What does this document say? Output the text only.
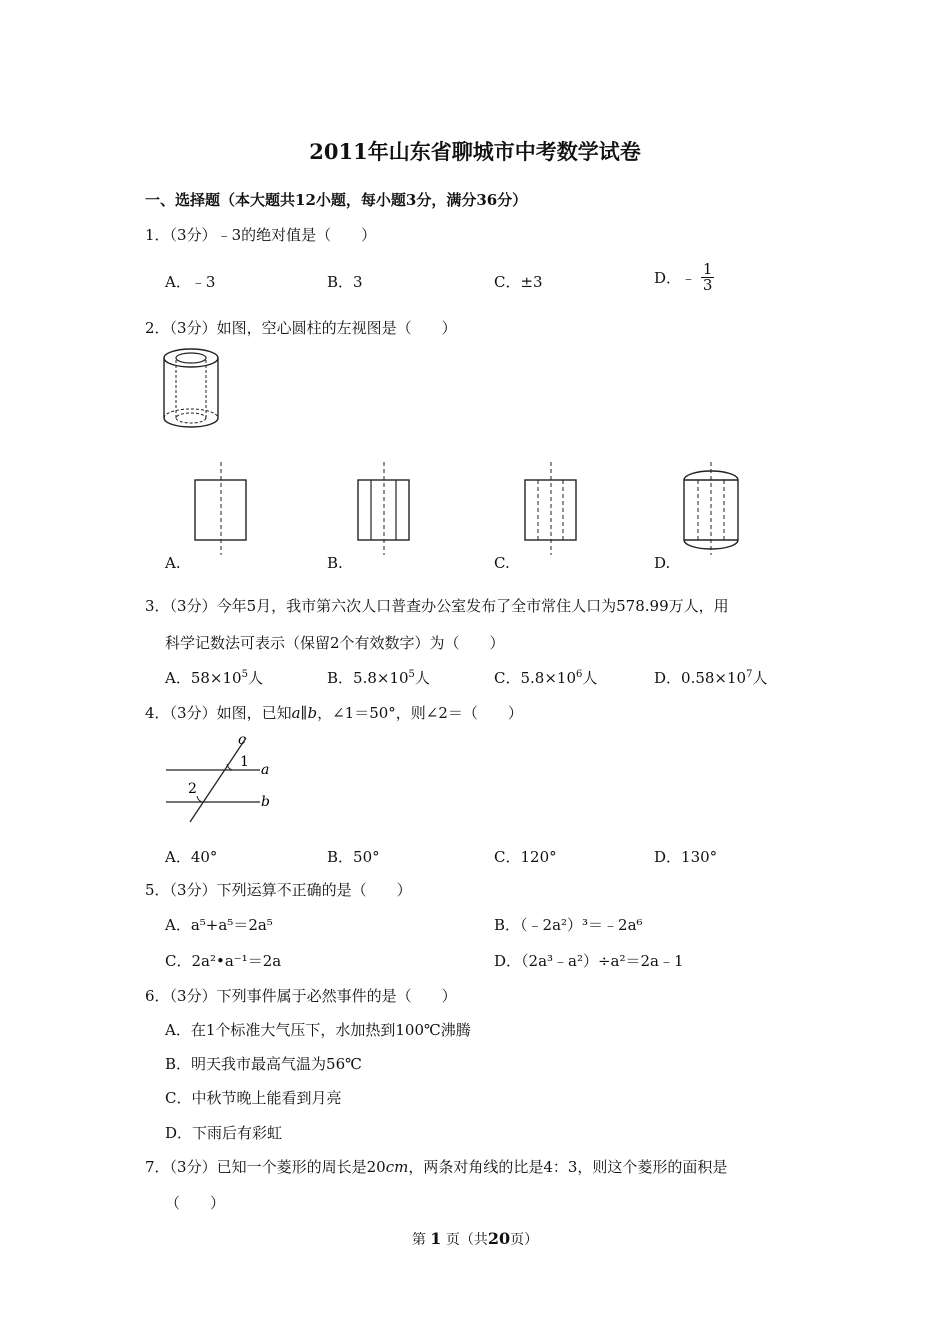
2011年山东省聊城市中考数学试卷
一、选择题（本大题共12小题，每小题3分，满分36分）
1．（3分）﹣3的绝对值是（　　）
A．﹣3	B．3	C．±3	D．﹣ $\frac{1}{3}$
2．（3分）如图，空心圆柱的左视图是（　　）
A.	B.	C.	D.
3．（3分）今年5月，我市第六次人口普查办公室发布了全市常住人口为578.99万人，用
科学记数法可表示（保留2个有效数字）为（　　）
A．$58\times 10^5$人	B．$5.8\times 10^5$人	C．$5.8\times 10^6$人	D．$0.58\times 10^7$人
4．（3分）如图，已知a∥b，∠1＝50°，则∠2＝（　　）
c
1 a
2
b
A．40°	B．50°	C．120°	D．130°
5．（3分）下列运算不正确的是（　　）
A．a⁵+a⁵＝2a⁵	B．（﹣2a²）³＝﹣2a⁶
C．2a²•a⁻¹＝2a	D．（2a³﹣a²）÷a²＝2a﹣1
6．（3分）下列事件属于必然事件的是（　　）
A．在1个标准大气压下，水加热到100℃沸腾
B．明天我市最高气温为56℃
C．中秋节晚上能看到月亮
D．下雨后有彩虹
7．（3分）已知一个菱形的周长是20cm，两条对角线的比是4：3，则这个菱形的面积是
（　　）
第 1 页（共20页）
